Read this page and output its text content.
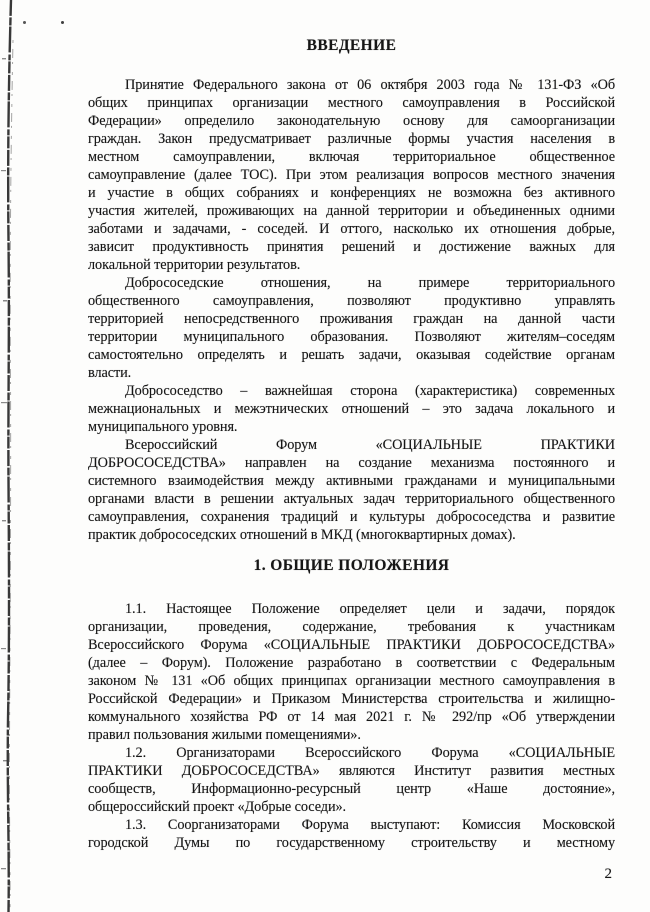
ВВЕДЕНИЕ
Принятие Федерального закона от 06 октября 2003 года № 131-ФЗ «Об
общих принципах организации местного самоуправления в Российской
Федерации» определило законодательную основу для самоорганизации
граждан. Закон предусматривает различные формы участия населения в
местном самоуправлении, включая территориальное общественное
самоуправление (далее ТОС). При этом реализация вопросов местного значения
и участие в общих собраниях и конференциях не возможна без активного
участия жителей, проживающих на данной территории и объединенных одними
заботами и задачами, - соседей. И оттого, насколько их отношения добрые,
зависит продуктивность принятия решений и достижение важных для
локальной территории результатов.
Добрососедские отношения, на примере территориального
общественного самоуправления, позволяют продуктивно управлять
территорией непосредственного проживания граждан на данной части
территории муниципального образования. Позволяют жителям–соседям
самостоятельно определять и решать задачи, оказывая содействие органам
власти.
Добрососедство – важнейшая сторона (характеристика) современных
межнациональных и межэтнических отношений – это задача локального и
муниципального уровня.
Всероссийский Форум «СОЦИАЛЬНЫЕ ПРАКТИКИ
ДОБРОСОСЕДСТВА» направлен на создание механизма постоянного и
системного взаимодействия между активными гражданами и муниципальными
органами власти в решении актуальных задач территориального общественного
самоуправления, сохранения традиций и культуры добрососедства и развитие
практик добрососедских отношений в МКД (многоквартирных домах).
1. ОБЩИЕ ПОЛОЖЕНИЯ
1.1. Настоящее Положение определяет цели и задачи, порядок
организации, проведения, содержание, требования к участникам
Всероссийского Форума «СОЦИАЛЬНЫЕ ПРАКТИКИ ДОБРОСОСЕДСТВА»
(далее – Форум). Положение разработано в соответствии с Федеральным
законом № 131 «Об общих принципах организации местного самоуправления в
Российской Федерации» и Приказом Министерства строительства и жилищно-
коммунального хозяйства РФ от 14 мая 2021 г. № 292/пр «Об утверждении
правил пользования жилыми помещениями».
1.2. Организаторами Всероссийского Форума «СОЦИАЛЬНЫЕ
ПРАКТИКИ ДОБРОСОСЕДСТВА» являются Институт развития местных
сообществ, Информационно-ресурсный центр «Наше достояние»,
общероссийский проект «Добрые соседи».
1.3. Соорганизаторами Форума выступают: Комиссия Московской
городской Думы по государственному строительству и местному
2
